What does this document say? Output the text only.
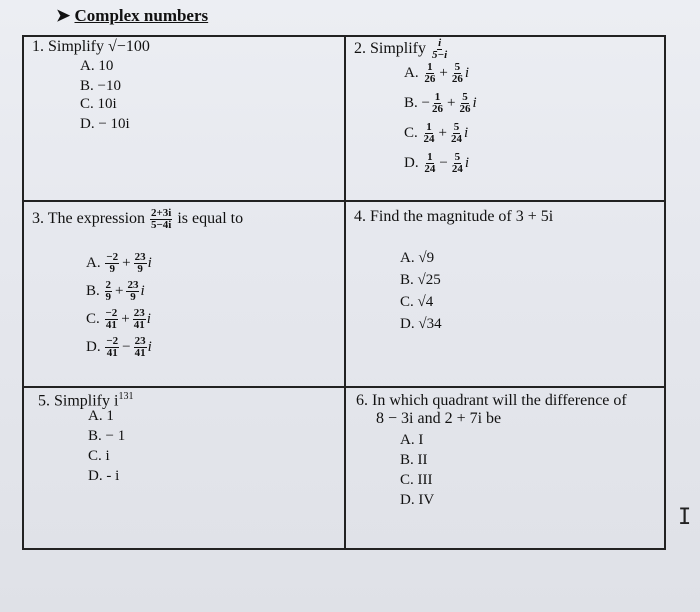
➤ Complex numbers
1. Simplify √−100
A. 10
B. −10
C. 10i
D. − 10i
2. Simplify $\frac{i}{5-i}$
A. $\frac{1}{26} + \frac{5}{26}$ i
B. − $\frac{1}{26} + \frac{5}{26}$ i
C. $\frac{1}{24} + \frac{5}{24}$ i
D. $\frac{1}{24} - \frac{5}{24}$ i
3. The expression $\frac{2+3i}{5-4i}$ is equal to
A. $\frac{-2}{9} + \frac{23}{9}$ i
B. $\frac{2}{9} + \frac{23}{9}$ i
C. $\frac{-2}{41} + \frac{23}{41}$ i
D. $\frac{-2}{41} - \frac{23}{41}$ i
4. Find the magnitude of 3 + 5i
A. √9
B. √25
C. √4
D. √34
5. Simplify $i^{131}$
A. 1
B. − 1
C. i
D. - i
6. In which quadrant will the difference of
8 − 3i and 2 + 7i be
A. I
B. II
C. III
D. IV
I
